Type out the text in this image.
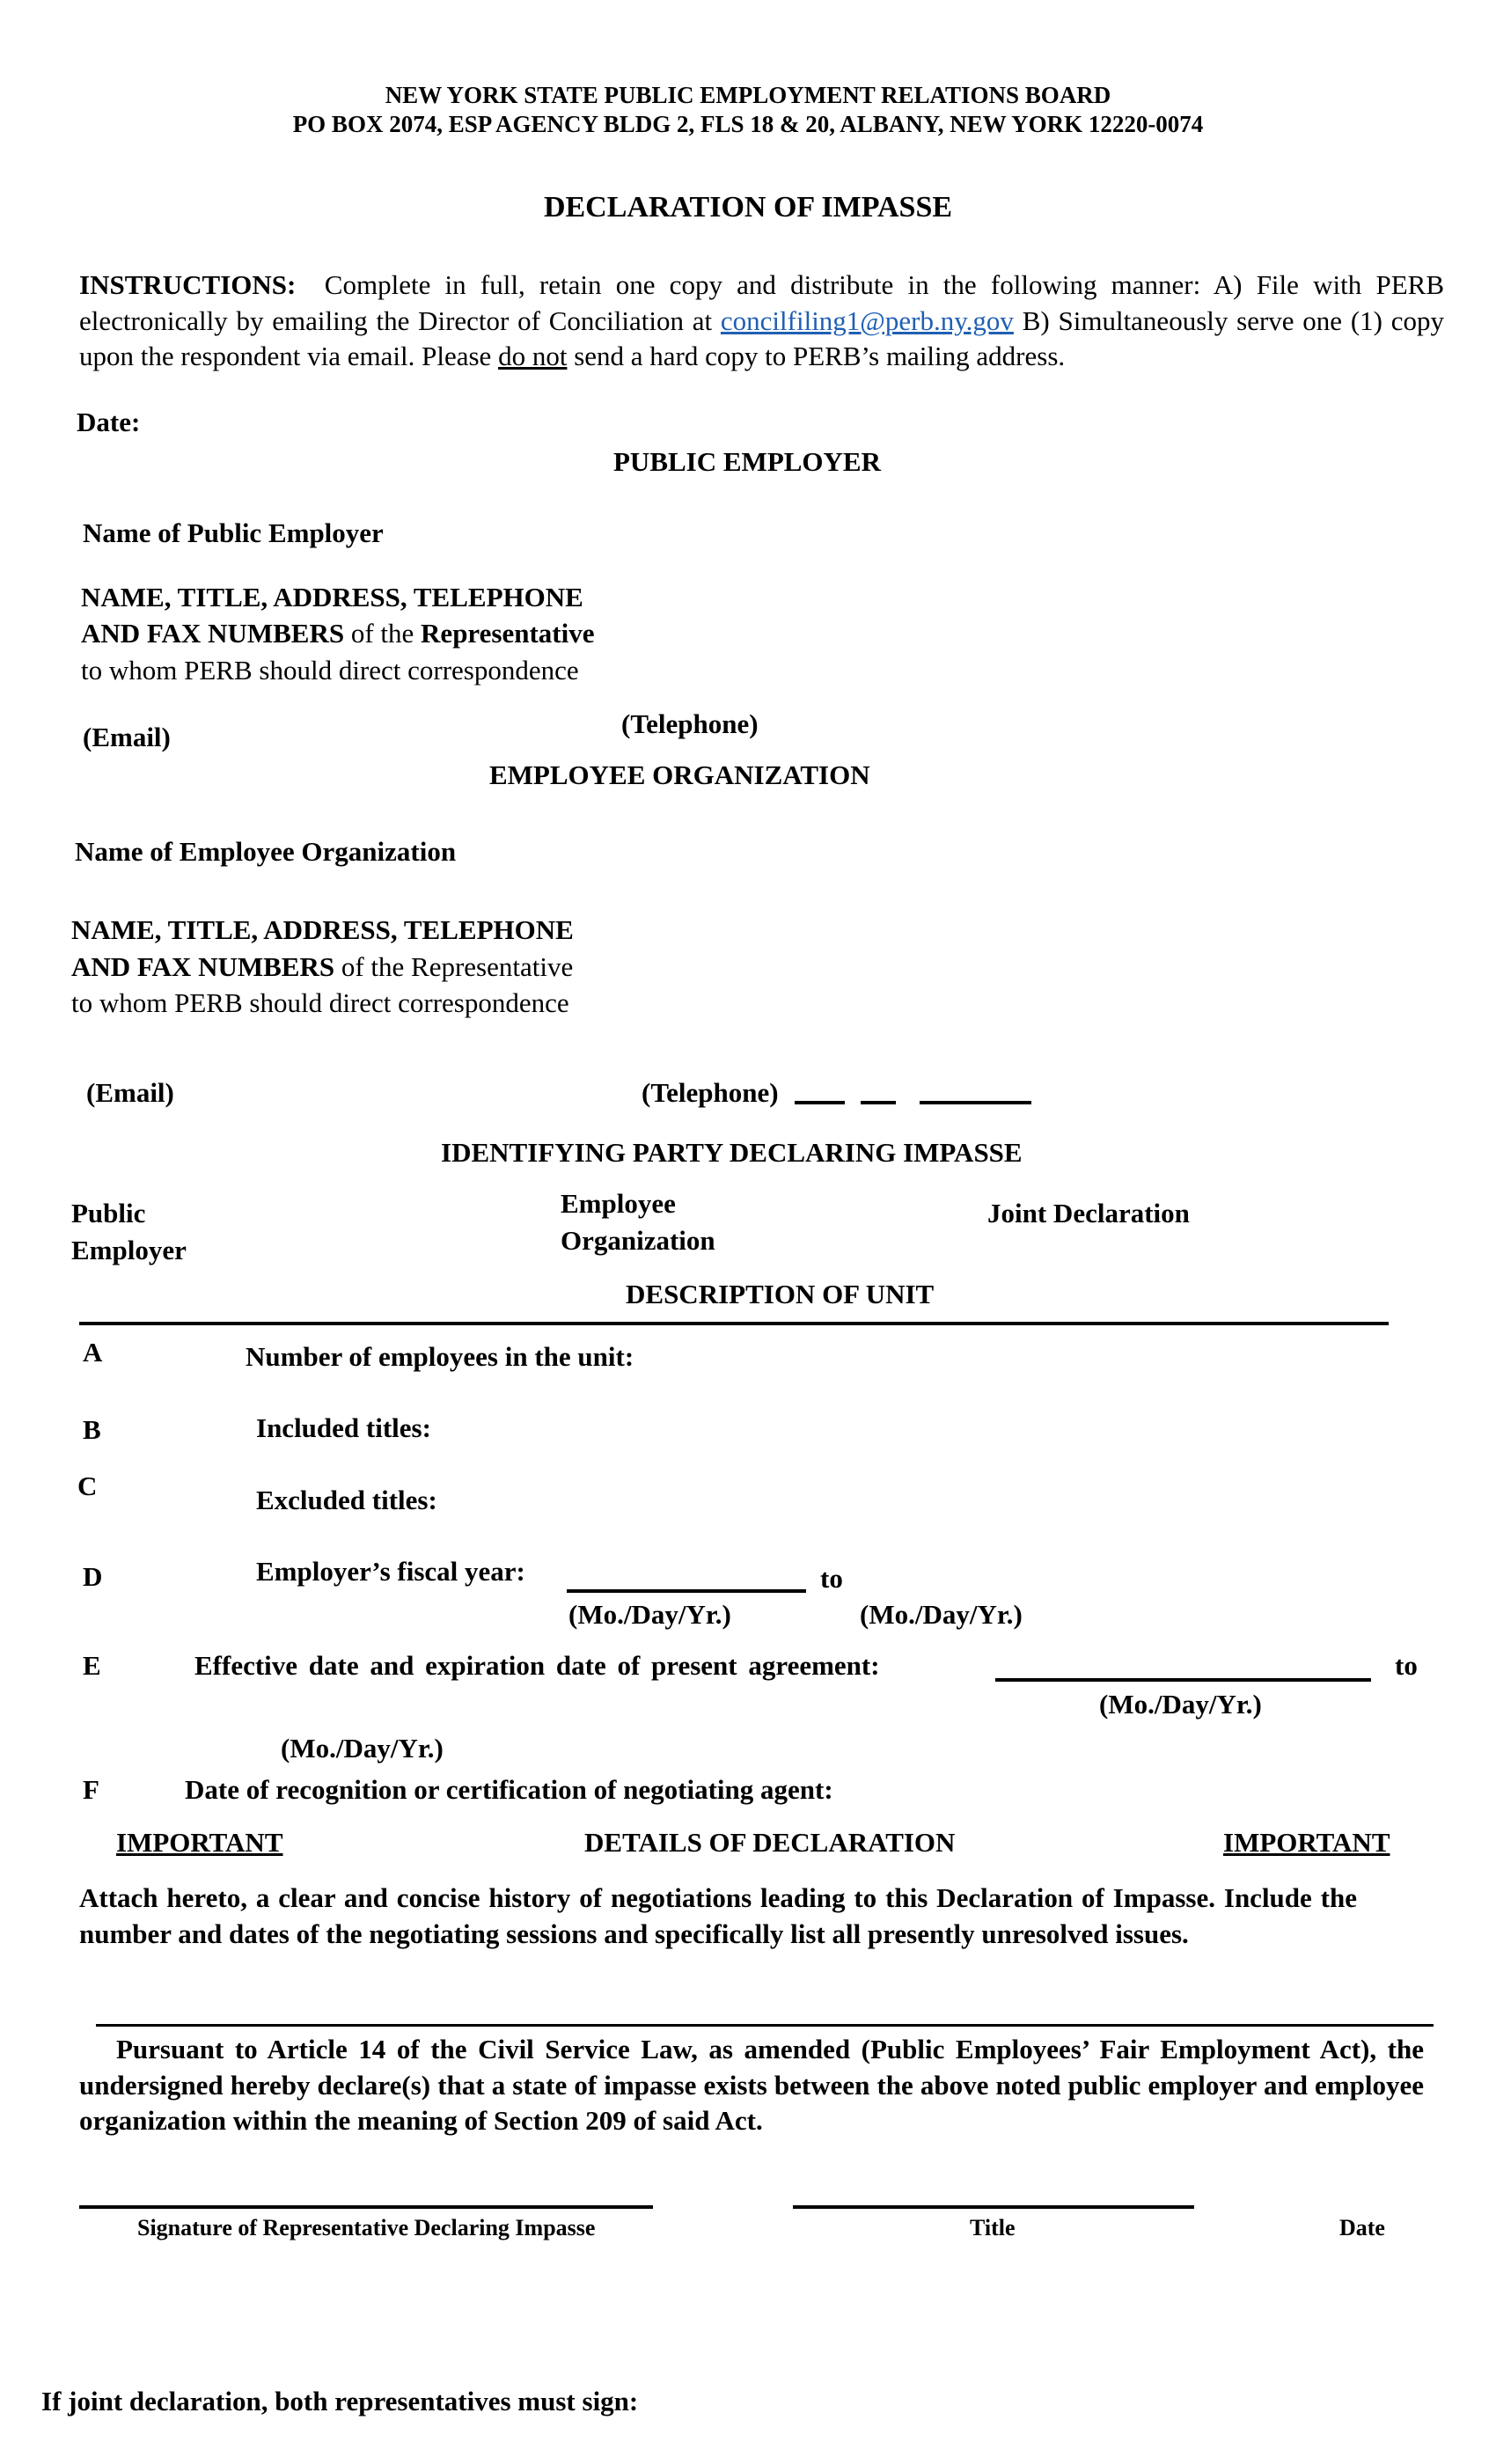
NEW YORK STATE PUBLIC EMPLOYMENT RELATIONS BOARD
PO BOX 2074, ESP AGENCY BLDG 2, FLS 18 & 20, ALBANY, NEW YORK 12220-0074
DECLARATION OF IMPASSE
INSTRUCTIONS: Complete in full, retain one copy and distribute in the following manner: A) File with PERB electronically by emailing the Director of Conciliation at concilfiling1@perb.ny.gov B) Simultaneously serve one (1) copy upon the respondent via email. Please do not send a hard copy to PERB’s mailing address.
Date:
PUBLIC EMPLOYER
Name of Public Employer
NAME, TITLE, ADDRESS, TELEPHONE
AND FAX NUMBERS of the Representative
to whom PERB should direct correspondence
(Email)	(Telephone)
EMPLOYEE ORGANIZATION
Name of Employee Organization
NAME, TITLE, ADDRESS, TELEPHONE
AND FAX NUMBERS of the Representative
to whom PERB should direct correspondence
(Email)	(Telephone)
IDENTIFYING PARTY DECLARING IMPASSE
Public
Employer
Employee
Organization
Joint Declaration
DESCRIPTION OF UNIT
A	Number of employees in the unit:
B	Included titles:
C	Excluded titles:
D	Employer’s fiscal year:	to
(Mo./Day/Yr.)	(Mo./Day/Yr.)
E	Effective date and expiration date of present agreement:	to
(Mo./Day/Yr.)
(Mo./Day/Yr.)
F	Date of recognition or certification of negotiating agent:
IMPORTANT	DETAILS OF DECLARATION	IMPORTANT
Attach hereto, a clear and concise history of negotiations leading to this Declaration of Impasse. Include the number and dates of the negotiating sessions and specifically list all presently unresolved issues.
Pursuant to Article 14 of the Civil Service Law, as amended (Public Employees’ Fair Employment Act), the undersigned hereby declare(s) that a state of impasse exists between the above noted public employer and employee organization within the meaning of Section 209 of said Act.
Signature of Representative Declaring Impasse	Title	Date
If joint declaration, both representatives must sign:
